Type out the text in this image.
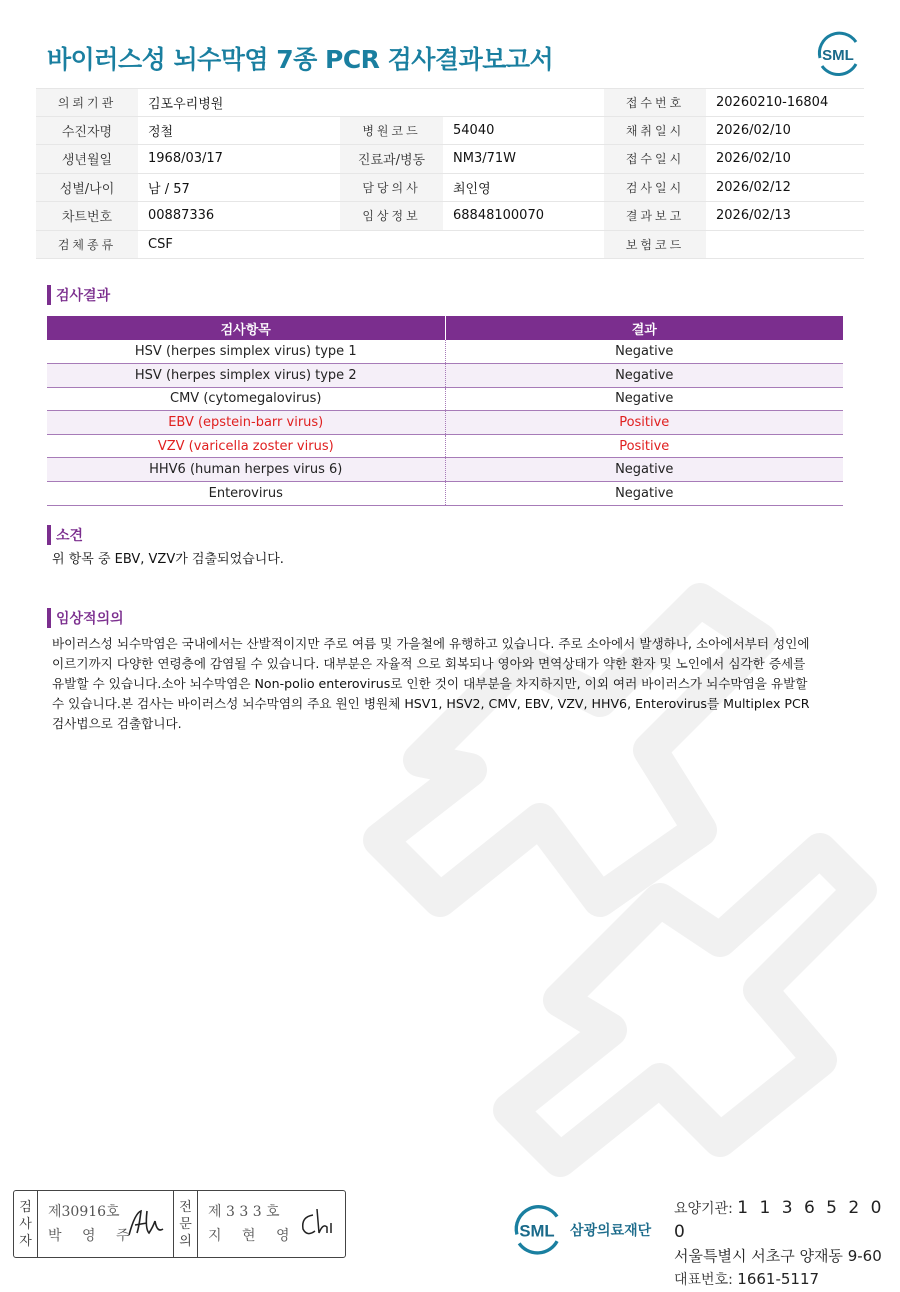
바이러스성 뇌수막염 7종 PCR 검사결과보고서	SML
의뢰기관	김포우리병원	접수번호	20260210-16804
수진자명	정철	병원코드	54040	채취일시	2026/02/10
생년월일	1968/03/17	진료과/병동	NM3/71W	접수일시	2026/02/10
성별/나이	남 / 57	담당의사	최인영	검사일시	2026/02/12
차트번호	00887336	임상정보	68848100070	결과보고	2026/02/13
검체종류	CSF	보험코드
검사결과
검사항목	결과
HSV (herpes simplex virus) type 1	Negative
HSV (herpes simplex virus) type 2	Negative
CMV (cytomegalovirus)	Negative
EBV (epstein-barr virus)	Positive
VZV (varicella zoster virus)	Positive
HHV6 (human herpes virus 6)	Negative
Enterovirus	Negative
소견
위 항목 중 EBV, VZV가 검출되었습니다.
임상적의의
바이러스성 뇌수막염은 국내에서는 산발적이지만 주로 여름 및 가을철에 유행하고 있습니다. 주로 소아에서 발생하나, 소아에서부터 성인에
이르기까지 다양한 연령층에 감염될 수 있습니다. 대부분은 자율적 으로 회복되나 영아와 면역상태가 약한 환자 및 노인에서 심각한 증세를
유발할 수 있습니다.소아 뇌수막염은 Non-polio enterovirus로 인한 것이 대부분을 차지하지만, 이외 여러 바이러스가 뇌수막염을 유발할
수 있습니다.본 검사는 바이러스성 뇌수막염의 주요 원인 병원체 HSV1, HSV2, CMV, EBV, VZV, HHV6, Enterovirus를 Multiplex PCR
검사법으로 검출합니다.
검
사
자
제30916호
박 영 주
전
문
의
제 3 3 3 호
지 현 영	SML 삼광의료재단
요양기관: 1 1 3 6 5 2 0 0
서울특별시 서초구 양재동 9-60
대표번호: 1661-5117
